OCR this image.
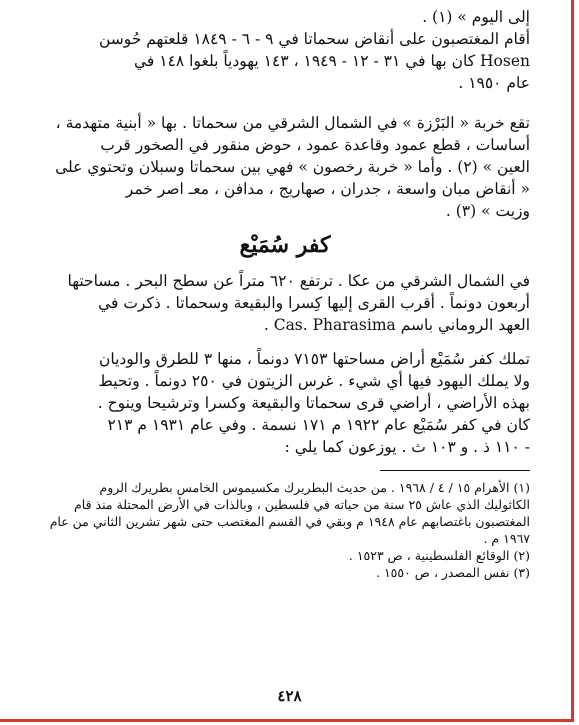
إلى اليوم » (١) .
أقام المغتصبون على أنقاض سحماتا في ٩ - ٦ - ١٨٤٩ قلعتهم حُوسن
Hosen كان بها في ٣١ - ١٢ - ١٩٤٩ ، ١٤٣ يهودياً بلغوا ١٤٨ في
عام ١٩٥٠ .
تقع خربة « البَرْزة » في الشمال الشرقي من سحماتا . بها « أبنية متهدمة ،
أساسات ، قطع عمود وقاعدة عمود ، حوض منقور في الصخور قرب
العين » (٢) . وأما « خربة رخصون » فهي بين سحماتا وسبلان وتحتوي على
« أنقاض مبان واسعة ، جدران ، صهاريج ، مدافن ، معـ اصر خمر
وزيت » (٣) .
كفر سُمَيْع
في الشمال الشرقي من عكا . ترتفع ٦٢٠ متراً عن سطح البحر . مساحتها
أربعون دونماً . أقرب القرى إليها كِسرا والبقيعة وسحماتا . ذكرت في
العهد الروماني باسم Cas. Pharasima .
تملك كفر سُمَيْع أراض مساحتها ٧١٥٣ دونماً ، منها ٣ للطرق والوديان
ولا يملك اليهود فيها أي شيء . غرس الزيتون في ٢٥٠ دونماً . وتحيط
بهذه الأراضي ، أراضي قرى سحماتا والبقيعة وكسرا وترشيحا وينوح .
كان في كفر سُمَيْع عام ١٩٢٢ م ١٧١ نسمة . وفي عام ١٩٣١ م ٢١٣
- ١١٠ ذ . و ١٠٣ ث . يوزعون كما يلي :
(١) الأهرام ١٥ / ٤ / ١٩٦٨ . من حديث البطريرك مكسيموس الخامس بطريرك الروم
الكاثوليك الذي عاش ٢٥ سنة من حياته في فلسطين ، وبالذات في الأرض المحتلة منذ قام
المغتصبون باغتصابهم عام ١٩٤٨ م وبقي في القسم المغتصب حتى شهر تشرين الثاني من عام
١٩٦٧ م .
(٢) الوقائع الفلسطينية ، ص ١٥٢٣ .
(٣) نفس المصدر ، ص ١٥٥٠ .
٤٢٨
